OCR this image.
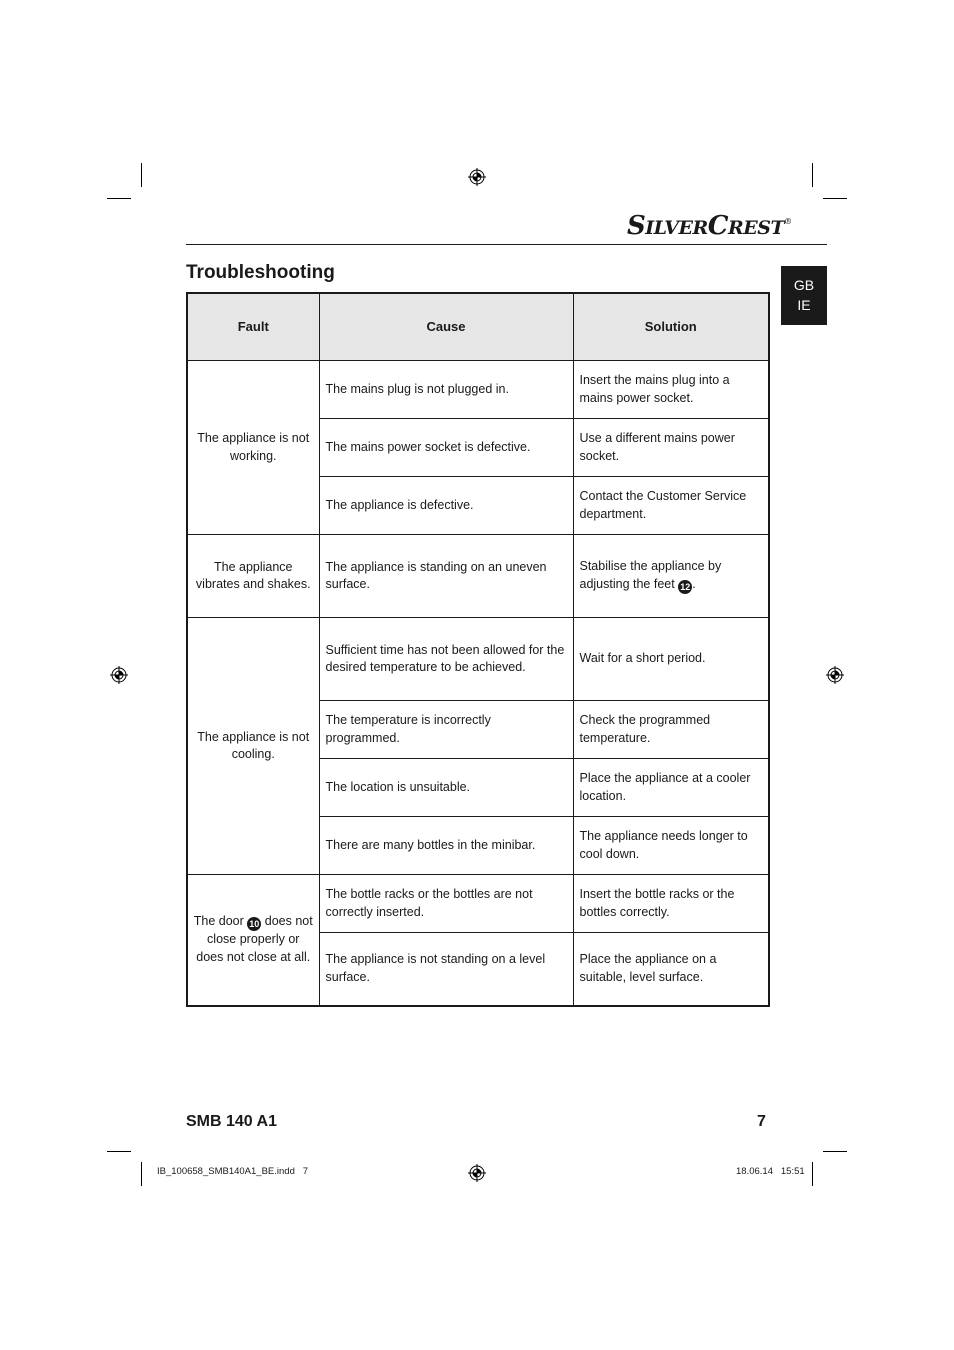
SILVERCREST®
Troubleshooting
GB
IE
Fault	Cause	Solution
The appliance is not working.	The mains plug is not plugged in.	Insert the mains plug into a mains power socket.
	The mains power socket is defective.	Use a different mains power socket.
	The appliance is defective.	Contact the Customer Service department.
The appliance vibrates and shakes.	The appliance is standing on an uneven surface.	Stabilise the appliance by adjusting the feet 12 .
The appliance is not cooling.	Sufficient time has not been allowed for the desired temperature to be achieved.	Wait for a short period.
	The temperature is incorrectly programmed.	Check the programmed temperature.
	The location is unsuitable.	Place the appliance at a cooler location.
	There are many bottles in the minibar.	The appliance needs longer to cool down.
The door 10 does not close properly or does not close at all.	The bottle racks or the bottles are not correctly inserted.	Insert the bottle racks or the bottles correctly.
	The appliance is not standing on a level surface.	Place the appliance on a suitable, level surface.
SMB 140 A1	7
IB_100658_SMB140A1_BE.indd   7	18.06.14   15:51
